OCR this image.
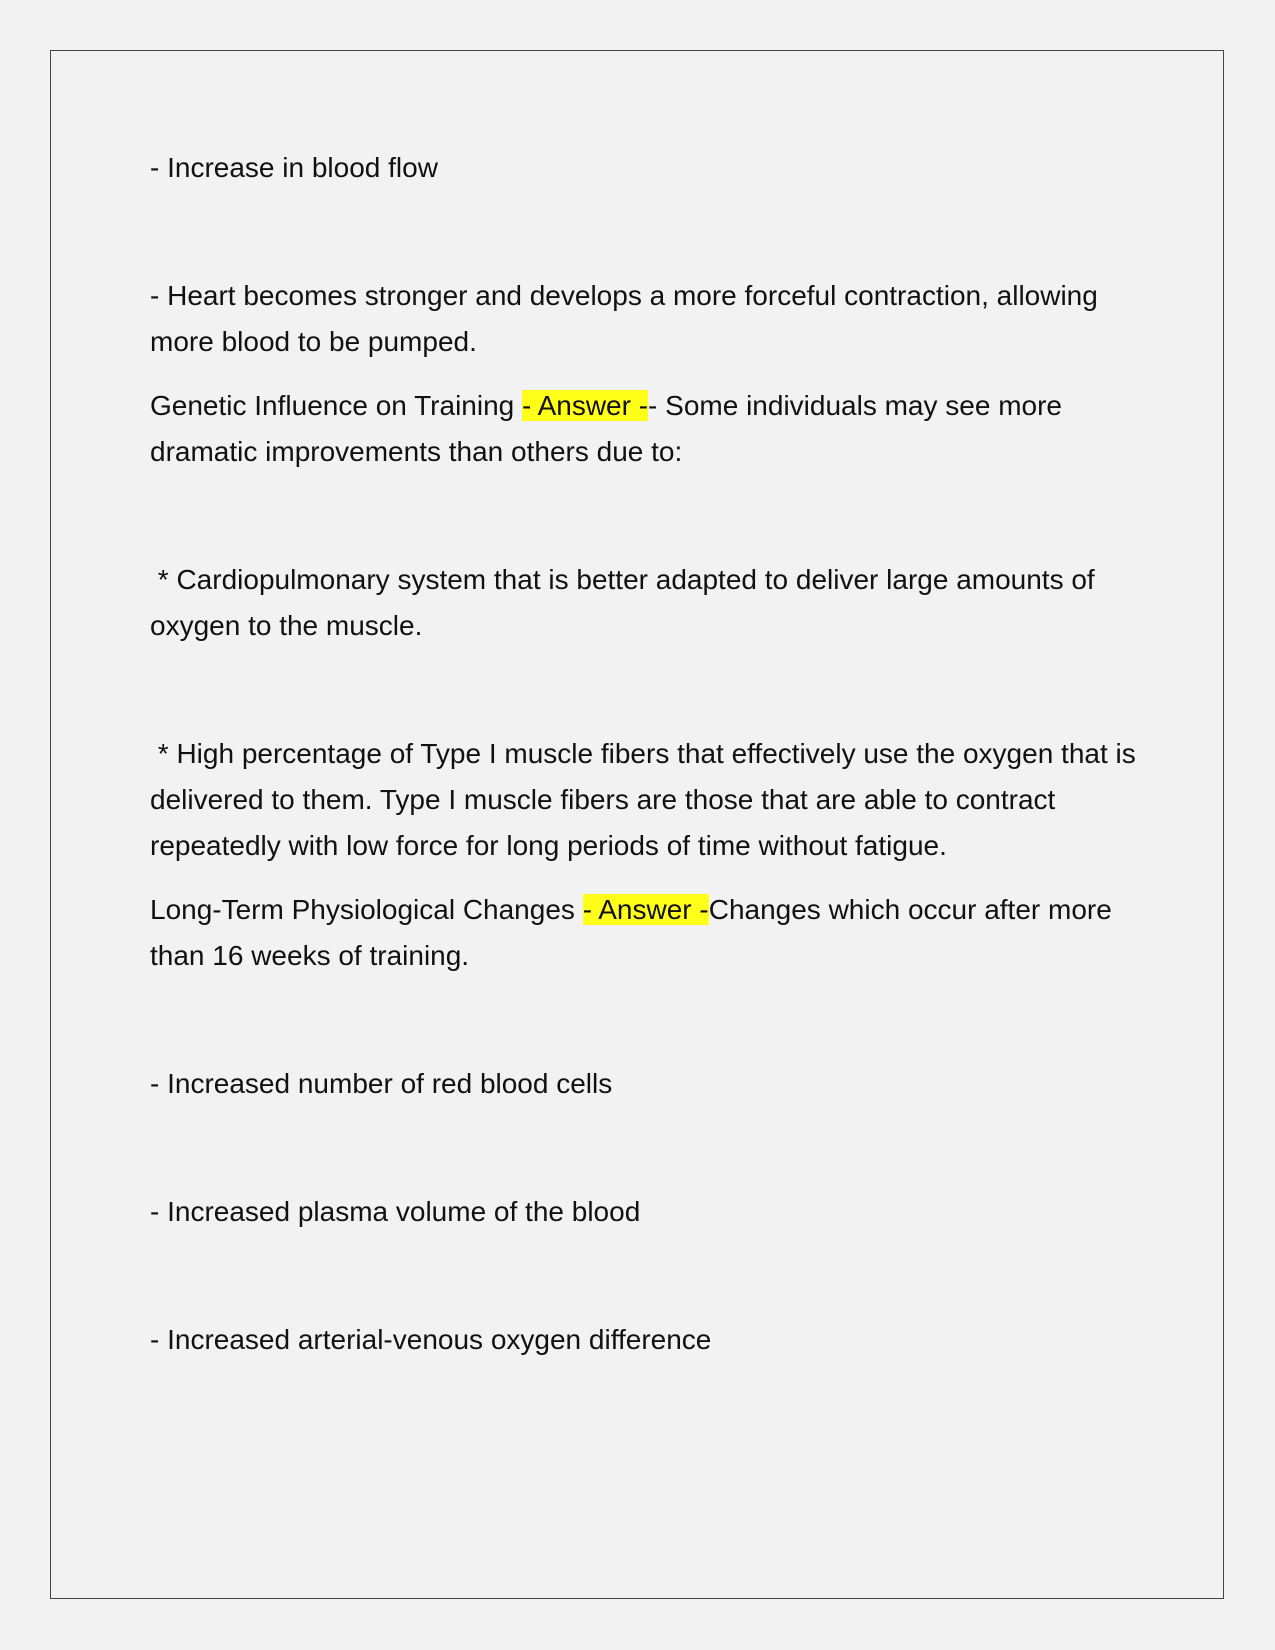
- Increase in blood flow

- Heart becomes stronger and develops a more forceful contraction, allowing more blood to be pumped.

Genetic Influence on Training - Answer -- Some individuals may see more dramatic improvements than others due to:

* Cardiopulmonary system that is better adapted to deliver large amounts of oxygen to the muscle.

* High percentage of Type I muscle fibers that effectively use the oxygen that is delivered to them. Type I muscle fibers are those that are able to contract repeatedly with low force for long periods of time without fatigue.

Long-Term Physiological Changes - Answer -Changes which occur after more than 16 weeks of training.

- Increased number of red blood cells

- Increased plasma volume of the blood

- Increased arterial-venous oxygen difference
